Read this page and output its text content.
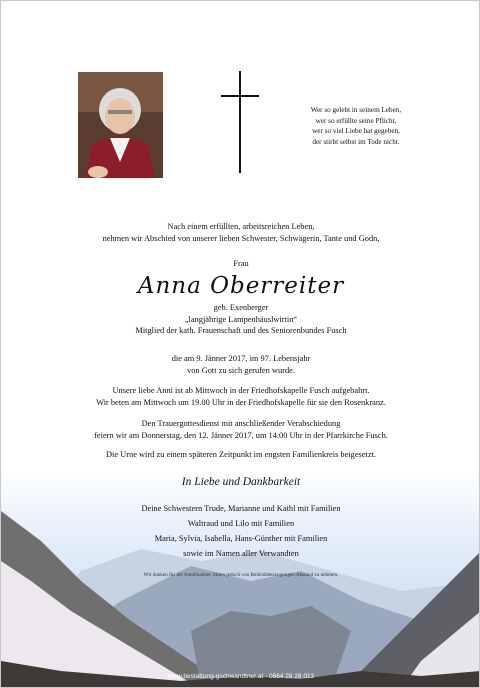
Wer so gelebt in seinem Leben,
wer so erfüllte seine Pflicht,
wer so viel Liebe hat gegeben,
der stirbt selbst im Tode nicht.
Nach einem erfüllten, arbeitsreichen Leben,
nehmen wir Abschied von unserer lieben Schwester, Schwägerin, Tante und Godn,
Frau
Anna Oberreiter
geb. Exenberger
„langjährige Lampenhäuslwirtin“
Mitglied der kath. Frauenschaft und des Seniorenbundes Fusch
die am 9. Jänner 2017, im 97. Lebensjahr
von Gott zu sich gerufen wurde.
Unsere liebe Anni ist ab Mittwoch in der Friedhofskapelle Fusch aufgebahrt.
Wir beten am Mittwoch um 19.00 Uhr in der Friedhofskapelle für sie den Rosenkranz.
Den Trauergottesdienst mit anschließender Verabschiedung
feiern wir am Donnerstag, den 12. Jänner 2017, um 14.00 Uhr in der Pfarrkirche Fusch.
Die Urne wird zu einem späteren Zeitpunkt im engsten Familienkreis beigesetzt.
In Liebe und Dankbarkeit
Deine Schwestern Trude, Marianne und Kathl mit Familien
Waltraud und Lilo mit Familien
Maria, Sylvia, Isabella, Hans-Günther mit Familien
sowie im Namen aller Verwandten
Wir danken für die Anteilnahme, bitten jedoch von Beileidsbezeugungen Abstand zu nehmen.
www.bestattung-gschwandtner.at · 0664 28 28 013
